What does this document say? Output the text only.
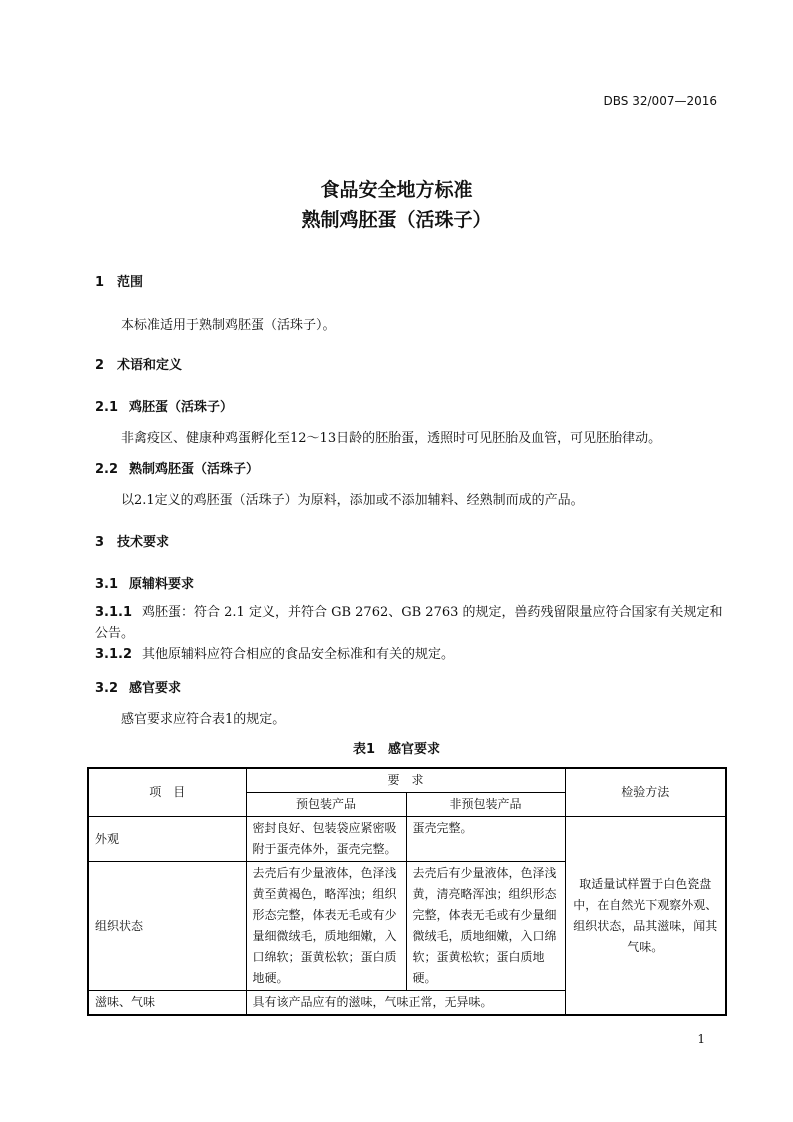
DBS 32/007—2016
食品安全地方标准
熟制鸡胚蛋（活珠子）
1 范围
本标准适用于熟制鸡胚蛋（活珠子）。
2 术语和定义
2.1 鸡胚蛋（活珠子）
非禽疫区、健康种鸡蛋孵化至12～13日龄的胚胎蛋，透照时可见胚胎及血管，可见胚胎律动。
2.2 熟制鸡胚蛋（活珠子）
以2.1定义的鸡胚蛋（活珠子）为原料，添加或不添加辅料、经熟制而成的产品。
3 技术要求
3.1 原辅料要求
3.1.1 鸡胚蛋：符合 2.1 定义，并符合 GB 2762、GB 2763 的规定，兽药残留限量应符合国家有关规定和公告。
3.1.2 其他原辅料应符合相应的食品安全标准和有关的规定。
3.2 感官要求
感官要求应符合表1的规定。
表1　感官要求
项　目	要　求		检验方法
	预包装产品	非预包装产品	
外观	密封良好、包装袋应紧密吸附于蛋壳体外，蛋壳完整。	蛋壳完整。	取适量试样置于白色瓷盘中，在自然光下观察外观、组织状态，品其滋味，闻其气味。
组织状态	去壳后有少量液体，色泽浅黄至黄褐色，略浑浊；组织形态完整，体表无毛或有少量细微绒毛，质地细嫩，入口绵软；蛋黄松软；蛋白质地硬。	去壳后有少量液体，色泽浅黄，清亮略浑浊；组织形态完整，体表无毛或有少量细微绒毛，质地细嫩，入口绵软；蛋黄松软；蛋白质地硬。	
滋味、气味	具有该产品应有的滋味，气味正常，无异味。		
1
